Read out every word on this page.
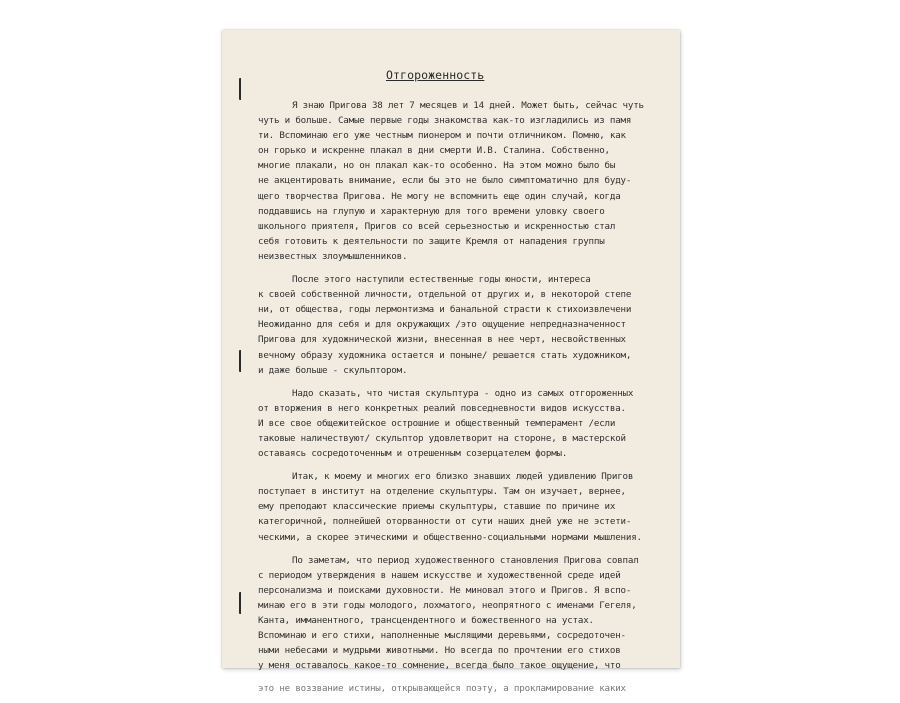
Отгороженность
Я знаю Пригова 38 лет 7 месяцев и 14 дней. Может быть, сейчас чуть
чуть и больше. Самые первые годы знакомства как-то изгладились из памя
ти. Вспоминаю его уже честным пионером и почти отличником. Помню, как
он горько и искренне плакал в дни смерти И.В. Сталина. Собственно,
многие плакали, но он плакал как-то особенно. На этом можно было бы
не акцентировать внимание, если бы это не было симптоматично для буду-
щего творчества Пригова. Не могу не вспомнить еще один случай, когда
поддавшись на глупую и характерную для того времени уловку своего
школьного приятеля, Пригов со всей серьезностью и искренностью стал
себя готовить к деятельности по защите Кремля от нападения группы
неизвестных злоумышленников.
После этого наступили естественные годы юности, интереса
к своей собственной личности, отдельной от других и, в некоторой степе
ни, от общества, годы лермонтизма и банальной страсти к стихоизвлечени
Неожиданно для себя и для окружающих /это ощущение непредназначенност
Пригова для художнической жизни, внесенная в нее черт, несвойственных
вечному образу художника остается и поныне/ решается стать художником,
и даже больше - скульптором.
Надо сказать, что чистая скульптура - одно из самых отгороженных
от вторжения в него конкретных реалий повседневности видов искусства.
И все свое общежитейское острошние и общественный темперамент /если
таковые наличествуют/ скульптор удовлетворит на стороне, в мастерской
оставаясь сосредоточенным и отрешенным созерцателем формы.
Итак, к моему и многих его близко знавших людей удивлению Пригов
поступает в институт на отделение скульптуры. Там он изучает, вернее,
ему преподают классические приемы скульптуры, ставшие по причине их
категоричной, полнейшей оторванности от сути наших дней уже не эстети-
ческими, а скорее этическими и общественно-социальными нормами мышления.
По заметам, что период художественного становления Пригова совпал
с периодом утверждения в нашем искусстве и художественной среде идей
персонализма и поисками духовности. Не миновал этого и Пригов. Я вспо-
минаю его в эти годы молодого, лохматого, неопрятного с именами Гегеля,
Канта, имманентного, трансцендентного и божественного на устах.
Вспоминаю и его стихи, наполненные мыслящими деревьями, сосредоточен-
ными небесами и мудрыми животными. Но всегда по прочтении его стихов
у меня оставалось какое-то сомнение, всегда было такое ощущение, что
это не воззвание истины, открывающейся поэту, а прокламирование каких
